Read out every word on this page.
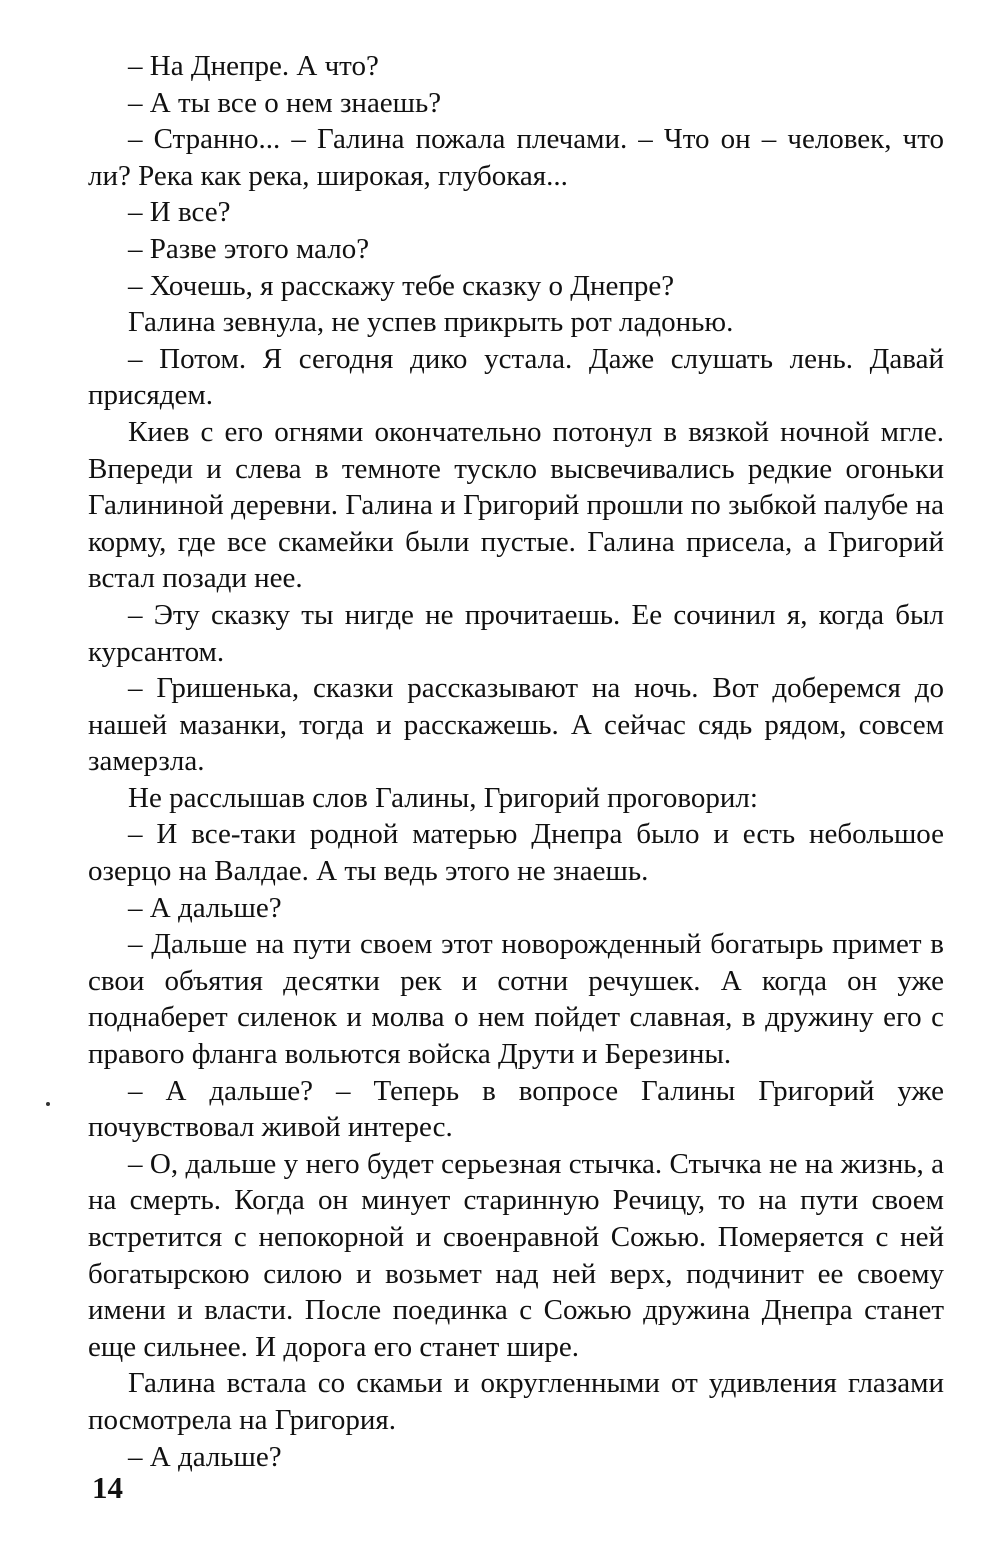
– На Днепре. А что?

– А ты все о нем знаешь?

– Странно... – Галина пожала плечами. – Что он – человек, что ли? Река как река, широкая, глубокая...

– И все?

– Разве этого мало?

– Хочешь, я расскажу тебе сказку о Днепре?

Галина зевнула, не успев прикрыть рот ладонью.

– Потом. Я сегодня дико устала. Даже слушать лень. Давай присядем.

Киев с его огнями окончательно потонул в вязкой ночной мгле. Впереди и слева в темноте тускло высвечивались редкие огоньки Галининой деревни. Галина и Григорий прошли по зыбкой палубе на корму, где все скамейки были пустые. Галина присела, а Григорий встал позади нее.

– Эту сказку ты нигде не прочитаешь. Ее сочинил я, когда был курсантом.

– Гришенька, сказки рассказывают на ночь. Вот доберемся до нашей мазанки, тогда и расскажешь. А сейчас сядь рядом, совсем замерзла.

Не расслышав слов Галины, Григорий проговорил:

– И все-таки родной матерью Днепра было и есть небольшое озерцо на Валдае. А ты ведь этого не знаешь.

– А дальше?

– Дальше на пути своем этот новорожденный богатырь примет в свои объятия десятки рек и сотни речушек. А когда он уже поднаберет силенок и молва о нем пойдет славная, в дружину его с правого фланга вольются войска Друти и Березины.

– А дальше? – Теперь в вопросе Галины Григорий уже почувствовал живой интерес.

– О, дальше у него будет серьезная стычка. Стычка не на жизнь, а на смерть. Когда он минует старинную Речицу, то на пути своем встретится с непокорной и своенравной Сожью. Померяется с ней богатырскою силою и возьмет над ней верх, подчинит ее своему имени и власти. После поединка с Сожью дружина Днепра станет еще сильнее. И дорога его станет шире.

Галина встала со скамьи и округленными от удивления глазами посмотрела на Григория.

– А дальше?

14
